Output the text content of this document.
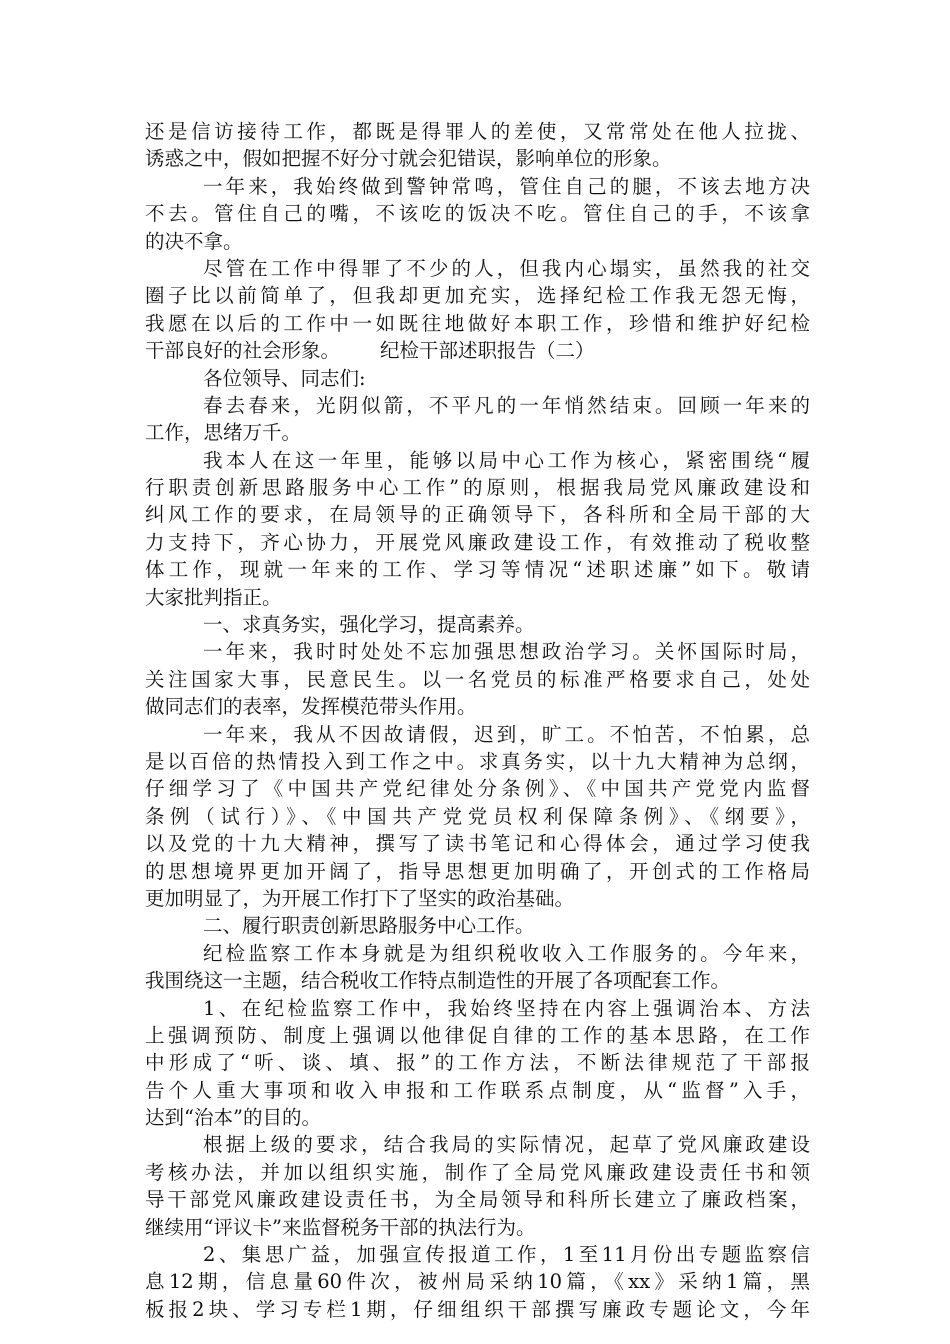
还是信访接待工作，都既是得罪人的差使，又常常处在他人拉拢、
诱惑之中，假如把握不好分寸就会犯错误，影响单位的形象。
一年来，我始终做到警钟常鸣，管住自己的腿，不该去地方决
不去。管住自己的嘴，不该吃的饭决不吃。管住自己的手，不该拿
的决不拿。
尽管在工作中得罪了不少的人，但我内心塌实，虽然我的社交
圈子比以前简单了，但我却更加充实，选择纪检工作我无怨无悔，
我愿在以后的工作中一如既往地做好本职工作，珍惜和维护好纪检
干部良好的社会形象。 纪检干部述职报告（二）
各位领导、同志们:
春去春来，光阴似箭，不平凡的一年悄然结束。回顾一年来的
工作，思绪万千。
我本人在这一年里，能够以局中心工作为核心，紧密围绕“履
行职责创新思路服务中心工作”的原则，根据我局党风廉政建设和
纠风工作的要求，在局领导的正确领导下，各科所和全局干部的大
力支持下，齐心协力，开展党风廉政建设工作，有效推动了税收整
体工作，现就一年来的工作、学习等情况“述职述廉”如下。敬请
大家批判指正。
一、求真务实，强化学习，提高素养。
一年来，我时时处处不忘加强思想政治学习。关怀国际时局，
关注国家大事，民意民生。以一名党员的标准严格要求自己，处处
做同志们的表率，发挥模范带头作用。
一年来，我从不因故请假，迟到，旷工。不怕苦，不怕累，总
是以百倍的热情投入到工作之中。求真务实，以十九大精神为总纲，
仔细学习了《中国共产党纪律处分条例》、《中国共产党党内监督
条例（试行）》、《中国共产党党员权利保障条例》、《纲要》，
以及党的十九大精神，撰写了读书笔记和心得体会，通过学习使我
的思想境界更加开阔了，指导思想更加明确了，开创式的工作格局
更加明显了，为开展工作打下了坚实的政治基础。
二、履行职责创新思路服务中心工作。
纪检监察工作本身就是为组织税收收入工作服务的。今年来，
我围绕这一主题，结合税收工作特点制造性的开展了各项配套工作。
1、在纪检监察工作中，我始终坚持在内容上强调治本、方法
上强调预防、制度上强调以他律促自律的工作的基本思路，在工作
中形成了“听、谈、填、报”的工作方法，不断法律规范了干部报
告个人重大事项和收入申报和工作联系点制度，从“监督”入手，
达到“治本”的目的。
根据上级的要求，结合我局的实际情况，起草了党风廉政建设
考核办法，并加以组织实施，制作了全局党风廉政建设责任书和领
导干部党风廉政建设责任书，为全局领导和科所长建立了廉政档案，
继续用“评议卡”来监督税务干部的执法行为。
2、集思广益，加强宣传报道工作，1至11月份出专题监察信
息12期，信息量60件次，被州局采纳10篇，《xx》采纳1篇，黑
板报2块、学习专栏1期，仔细组织干部撰写廉政专题论文，今年
